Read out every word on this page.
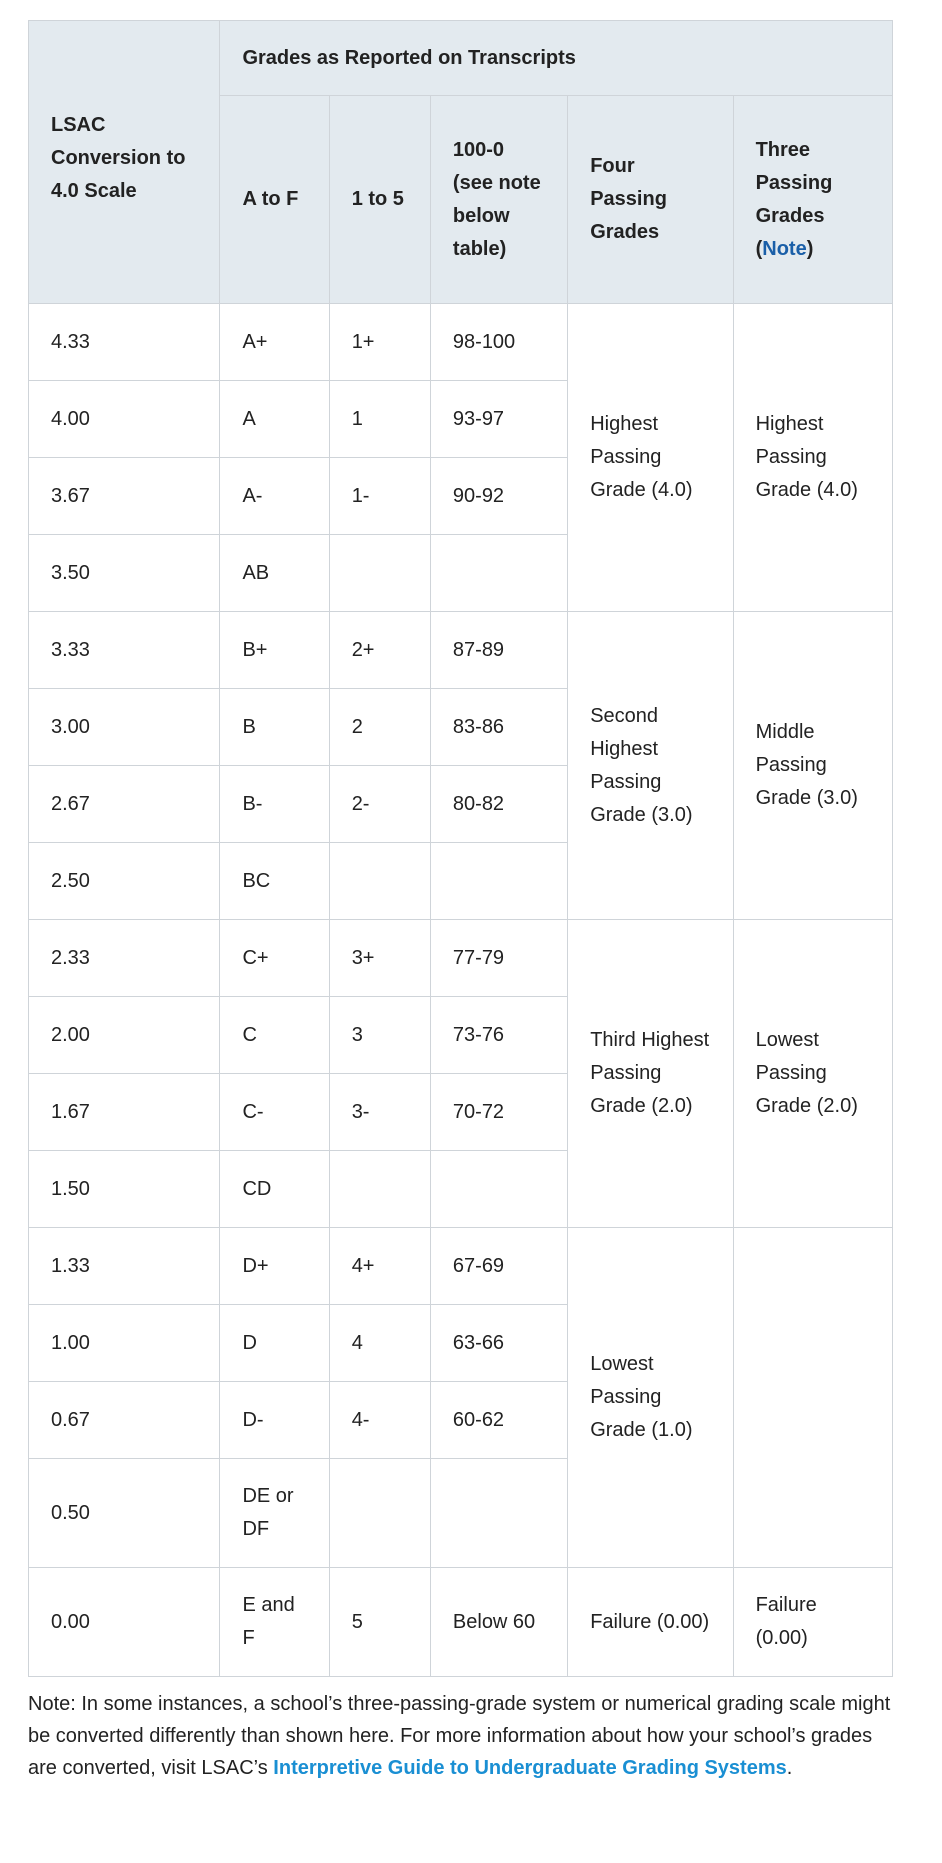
LSAC Conversion to 4.0 Scale	Grades as Reported on Transcripts				
	A to F	1 to 5	100-0 (see note below table)	Four Passing Grades	Three Passing Grades (Note)
4.33	A+	1+	98-100	Highest Passing Grade (4.0)	Highest Passing Grade (4.0)
4.00	A	1	93-97		
3.67	A-	1-	90-92		
3.50	AB				
3.33	B+	2+	87-89	Second Highest Passing Grade (3.0)	Middle Passing Grade (3.0)
3.00	B	2	83-86		
2.67	B-	2-	80-82		
2.50	BC				
2.33	C+	3+	77-79	Third Highest Passing Grade (2.0)	Lowest Passing Grade (2.0)
2.00	C	3	73-76		
1.67	C-	3-	70-72		
1.50	CD				
1.33	D+	4+	67-69	Lowest Passing Grade (1.0)	
1.00	D	4	63-66		
0.67	D-	4-	60-62		
0.50	DE or DF				
0.00	E and F	5	Below 60	Failure (0.00)	Failure (0.00)
Note: In some instances, a school’s three-passing-grade system or numerical grading scale might be converted differently than shown here. For more information about how your school’s grades are converted, visit LSAC’s Interpretive Guide to Undergraduate Grading Systems.
